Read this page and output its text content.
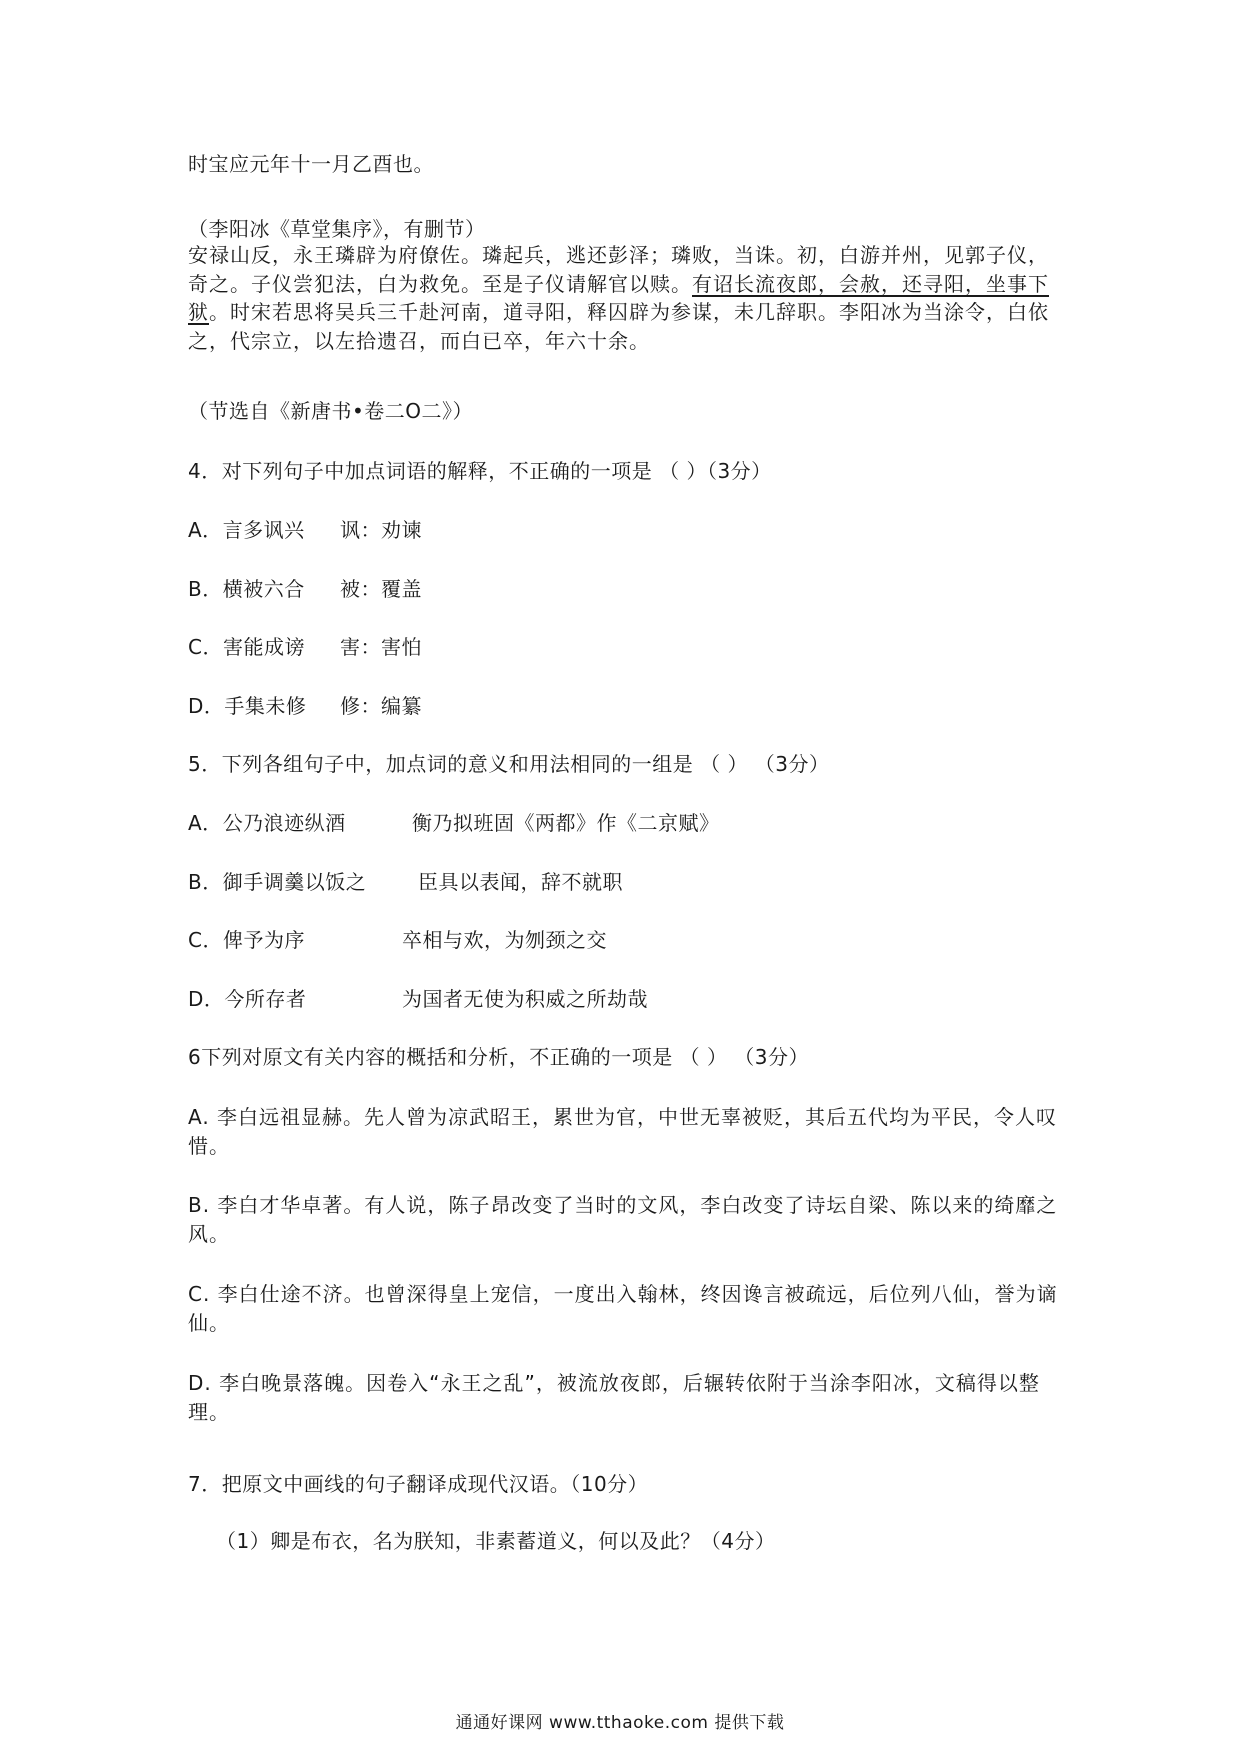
时宝应元年十一月乙酉也。
（李阳冰《草堂集序》，有删节）
安禄山反，永王璘辟为府僚佐。璘起兵，逃还彭泽；璘败，当诛。初，白游并州，见郭子仪，奇之。子仪尝犯法，白为救免。至是子仪请解官以赎。有诏长流夜郎，会赦，还寻阳，坐事下狱。时宋若思将吴兵三千赴河南，道寻阳，释囚辟为参谋，未几辞职。李阳冰为当涂令，白依之，代宗立，以左拾遗召，而白已卒，年六十余。
（节选自《新唐书•卷二O二》）
4．对下列句子中加点词语的解释，不正确的一项是 （ ）（3分）
A．言多讽兴 讽：劝谏
B．横被六合 被：覆盖
C．害能成谤 害：害怕
D．手集未修 修：编纂
5．下列各组句子中，加点词的意义和用法相同的一组是 （ ） （3分）
A．公乃浪迹纵酒	衡乃拟班固《两都》作《二京赋》
B．御手调羹以饭之	臣具以表闻，辞不就职
C．俾予为序	卒相与欢，为刎颈之交
D．今所存者	为国者无使为积威之所劫哉
6下列对原文有关内容的概括和分析，不正确的一项是 （ ） （3分）
A. 李白远祖显赫。先人曾为凉武昭王，累世为官，中世无辜被贬，其后五代均为平民，令人叹惜。
B. 李白才华卓著。有人说，陈子昂改变了当时的文风，李白改变了诗坛自梁、陈以来的绮靡之风。
C. 李白仕途不济。也曾深得皇上宠信，一度出入翰林，终因谗言被疏远，后位列八仙，誉为谪仙。
D. 李白晚景落魄。因卷入“永王之乱”，被流放夜郎，后辗转依附于当涂李阳冰，文稿得以整理。
7．把原文中画线的句子翻译成现代汉语。（10分）
（1）卿是布衣，名为朕知，非素蓄道义，何以及此？（4分）
通通好课网 www.tthaoke.com 提供下载
